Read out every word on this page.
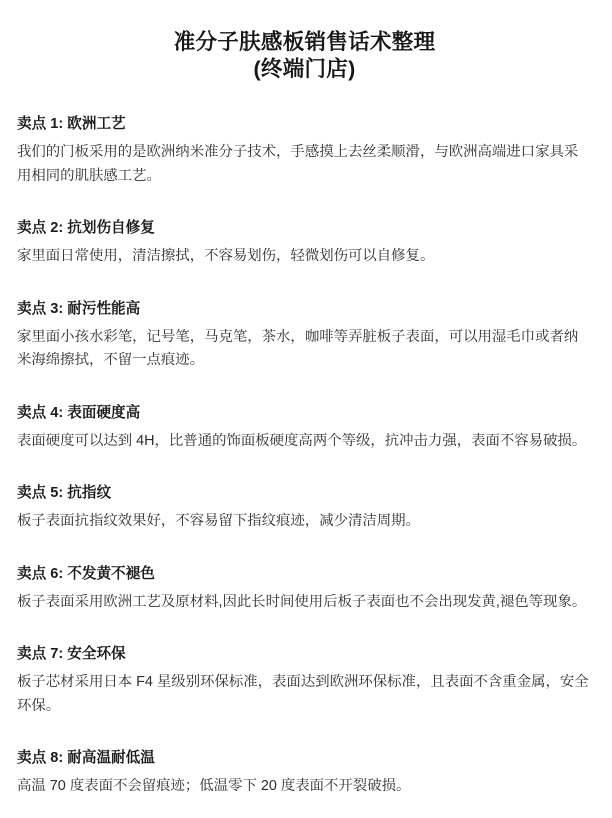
准分子肤感板销售话术整理
(终端门店)
卖点 1: 欧洲工艺

我们的门板采用的是欧洲纳米准分子技术，手感摸上去丝柔顺滑，与欧洲高端进口家具采用相同的肌肤感工艺。

卖点 2: 抗划伤自修复

家里面日常使用，清洁擦拭，不容易划伤，轻微划伤可以自修复。

卖点 3: 耐污性能高

家里面小孩水彩笔，记号笔，马克笔，茶水，咖啡等弄脏板子表面，可以用湿毛巾或者纳米海绵擦拭，不留一点痕迹。

卖点 4: 表面硬度高

表面硬度可以达到 4H，比普通的饰面板硬度高两个等级，抗冲击力强，表面不容易破损。

卖点 5: 抗指纹

板子表面抗指纹效果好，不容易留下指纹痕迹，减少清洁周期。

卖点 6: 不发黄不褪色

板子表面采用欧洲工艺及原材料,因此长时间使用后板子表面也不会出现发黄,褪色等现象。

卖点 7: 安全环保

板子芯材采用日本 F4 星级别环保标准，表面达到欧洲环保标准，且表面不含重金属，安全环保。

卖点 8: 耐高温耐低温

高温 70 度表面不会留痕迹；低温零下 20 度表面不开裂破损。
